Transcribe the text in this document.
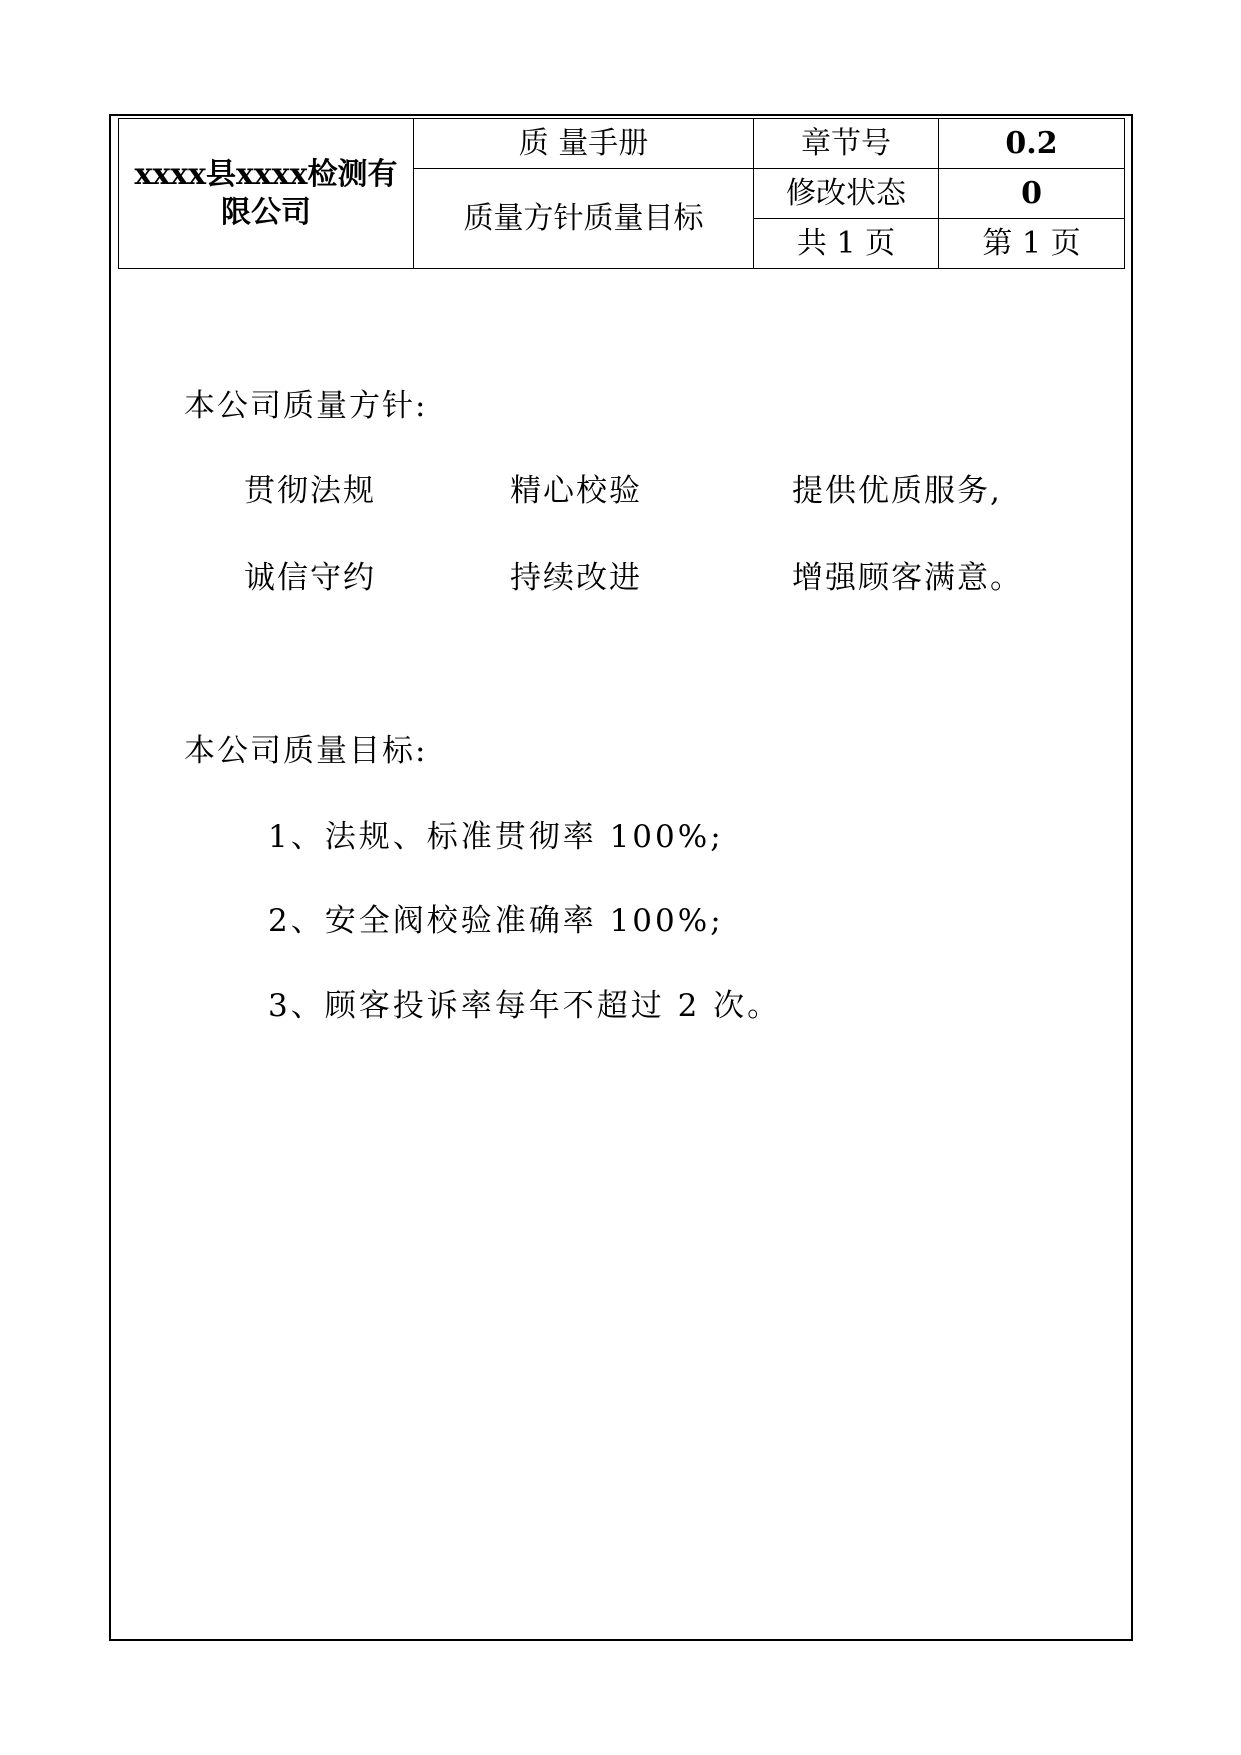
xxxx县xxxx检测有限公司	质 量手册	章节号	0.2
	质量方针质量目标	修改状态	0
		共 1 页	第 1 页
本公司质量方针:
贯彻法规	精心校验	提供优质服务,
诚信守约	持续改进	增强顾客满意。
本公司质量目标:
1、法规、标准贯彻率 100%;
2、安全阀校验准确率 100%;
3、顾客投诉率每年不超过 2 次。
